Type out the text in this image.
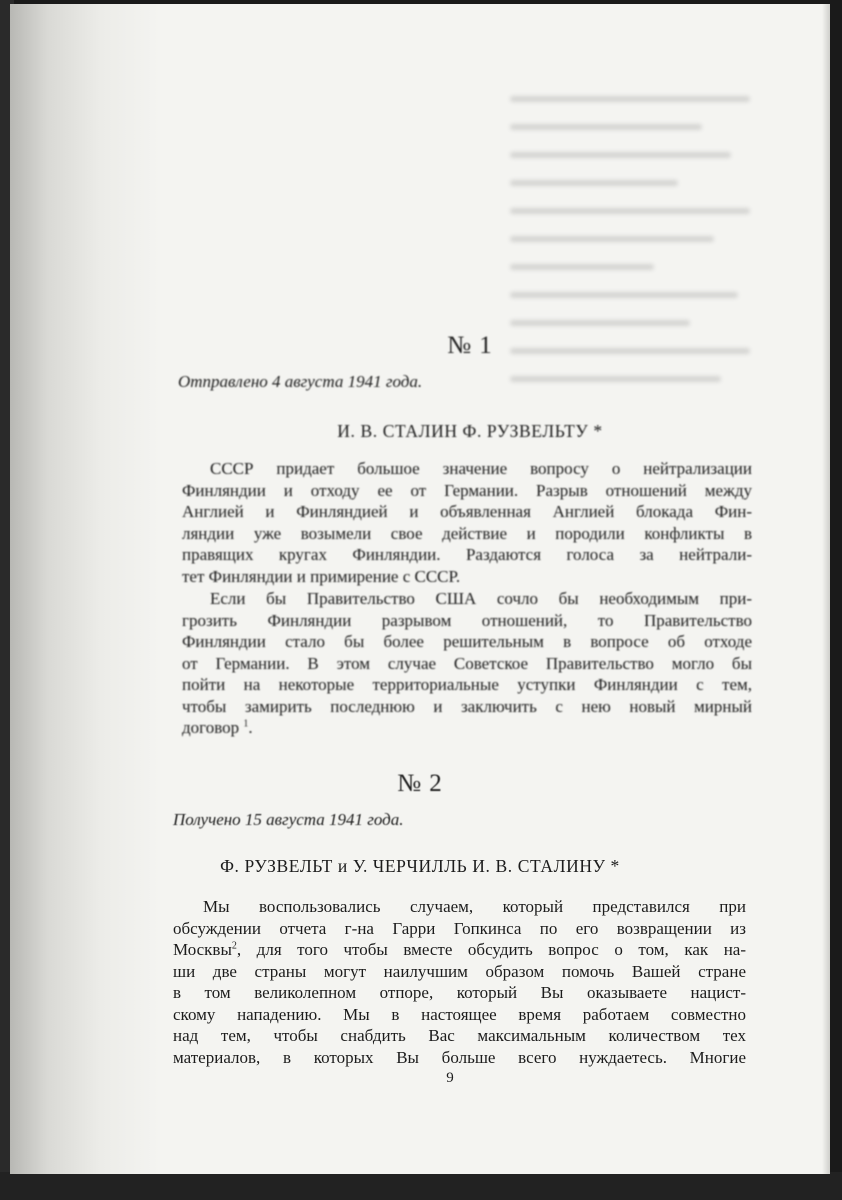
№ 1
Отправлено 4 августа 1941 года.
И. В. СТАЛИН Ф. РУЗВЕЛЬТУ *
СССР придает большое значение вопросу о нейтрализации
Финляндии и отходу ее от Германии. Разрыв отношений между
Англией и Финляндией и объявленная Англией блокада Фин-
ляндии уже возымели свое действие и породили конфликты в
правящих кругах Финляндии. Раздаются голоса за нейтрали-
тет Финляндии и примирение с СССР.
Если бы Правительство США сочло бы необходимым при-
грозить Финляндии разрывом отношений, то Правительство
Финляндии стало бы более решительным в вопросе об отходе
от Германии. В этом случае Советское Правительство могло бы
пойти на некоторые территориальные уступки Финляндии с тем,
чтобы замирить последнюю и заключить с нею новый мирный
договор $^1$.
№ 2
Получено 15 августа 1941 года.
Ф. РУЗВЕЛЬТ и У. ЧЕРЧИЛЛЬ И. В. СТАЛИНУ *
Мы воспользовались случаем, который представился при
обсуждении отчета г-на Гарри Гопкинса по его возвращении из
Москвы$^2$, для того чтобы вместе обсудить вопрос о том, как на-
ши две страны могут наилучшим образом помочь Вашей стране
в том великолепном отпоре, который Вы оказываете нацист-
скому нападению. Мы в настоящее время работаем совместно
над тем, чтобы снабдить Вас максимальным количеством тех
материалов, в которых Вы больше всего нуждаетесь. Многие
9
